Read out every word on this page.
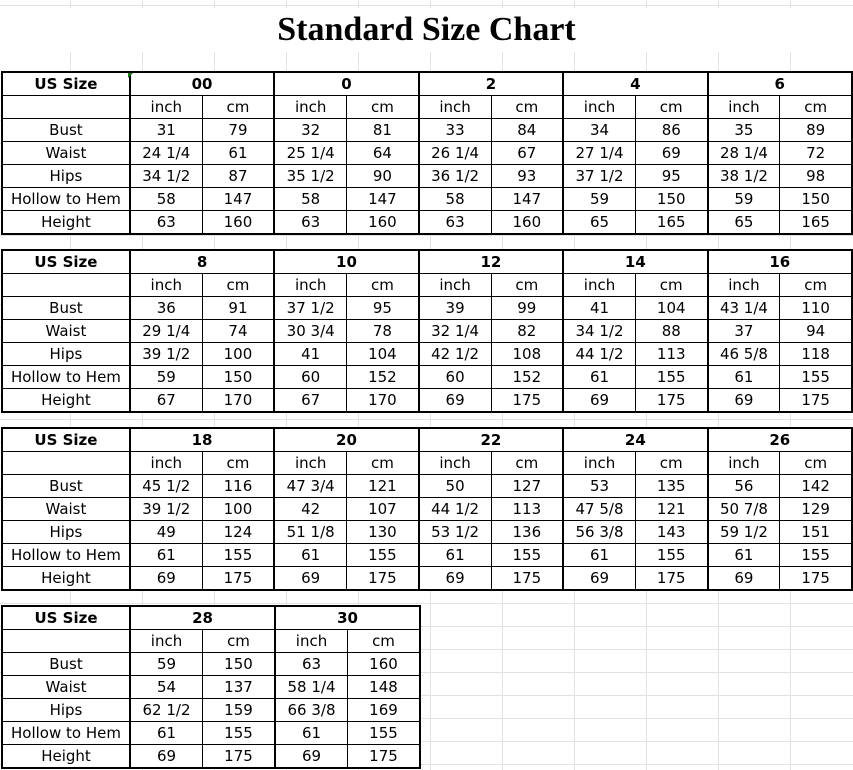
Standard Size Chart
US Size	00		0		2		4		6	
	inch	cm	inch	cm	inch	cm	inch	cm	inch	cm
Bust	31	79	32	81	33	84	34	86	35	89
Waist	24 1/4	61	25 1/4	64	26 1/4	67	27 1/4	69	28 1/4	72
Hips	34 1/2	87	35 1/2	90	36 1/2	93	37 1/2	95	38 1/2	98
Hollow to Hem	58	147	58	147	58	147	59	150	59	150
Height	63	160	63	160	63	160	65	165	65	165
US Size	8		10		12		14		16	
	inch	cm	inch	cm	inch	cm	inch	cm	inch	cm
Bust	36	91	37 1/2	95	39	99	41	104	43 1/4	110
Waist	29 1/4	74	30 3/4	78	32 1/4	82	34 1/2	88	37	94
Hips	39 1/2	100	41	104	42 1/2	108	44 1/2	113	46 5/8	118
Hollow to Hem	59	150	60	152	60	152	61	155	61	155
Height	67	170	67	170	69	175	69	175	69	175
US Size	18		20		22		24		26	
	inch	cm	inch	cm	inch	cm	inch	cm	inch	cm
Bust	45 1/2	116	47 3/4	121	50	127	53	135	56	142
Waist	39 1/2	100	42	107	44 1/2	113	47 5/8	121	50 7/8	129
Hips	49	124	51 1/8	130	53 1/2	136	56 3/8	143	59 1/2	151
Hollow to Hem	61	155	61	155	61	155	61	155	61	155
Height	69	175	69	175	69	175	69	175	69	175
US Size	28		30	
	inch	cm	inch	cm
Bust	59	150	63	160
Waist	54	137	58 1/4	148
Hips	62 1/2	159	66 3/8	169
Hollow to Hem	61	155	61	155
Height	69	175	69	175
